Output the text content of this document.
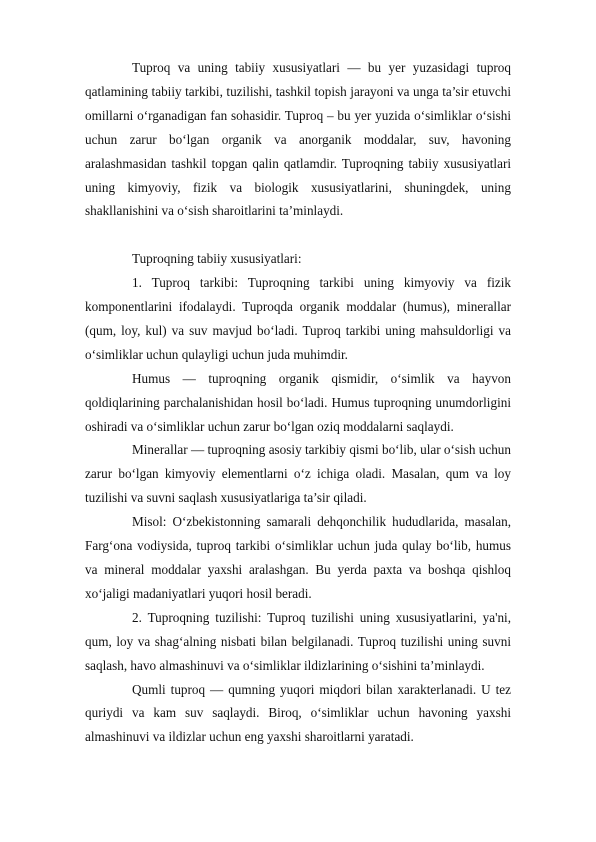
Tuproq va uning tabiiy xususiyatlari — bu yer yuzasidagi tuproq qatlamining tabiiy tarkibi, tuzilishi, tashkil topish jarayoni va unga ta’sir etuvchi omillarni o‘rganadigan fan sohasidir. Tuproq – bu yer yuzida o‘simliklar o‘sishi uchun zarur bo‘lgan organik va anorganik moddalar, suv, havoning aralashmasidan tashkil topgan qalin qatlamdir. Tuproqning tabiiy xususiyatlari uning kimyoviy, fizik va biologik xususiyatlarini, shuningdek, uning shakllanishini va o‘sish sharoitlarini ta’minlaydi.

Tuproqning tabiiy xususiyatlari:

1. Tuproq tarkibi: Tuproqning tarkibi uning kimyoviy va fizik komponentlarini ifodalaydi. Tuproqda organik moddalar (humus), minerallar (qum, loy, kul) va suv mavjud bo‘ladi. Tuproq tarkibi uning mahsuldorligi va o‘simliklar uchun qulayligi uchun juda muhimdir.

Humus — tuproqning organik qismidir, o‘simlik va hayvon qoldiqlarining parchalanishidan hosil bo‘ladi. Humus tuproqning unumdorligini oshiradi va o‘simliklar uchun zarur bo‘lgan oziq moddalarni saqlaydi.

Minerallar — tuproqning asosiy tarkibiy qismi bo‘lib, ular o‘sish uchun zarur bo‘lgan kimyoviy elementlarni o‘z ichiga oladi. Masalan, qum va loy tuzilishi va suvni saqlash xususiyatlariga ta’sir qiladi.

Misol: O‘zbekistonning samarali dehqonchilik hududlarida, masalan, Farg‘ona vodiysida, tuproq tarkibi o‘simliklar uchun juda qulay bo‘lib, humus va mineral moddalar yaxshi aralashgan. Bu yerda paxta va boshqa qishloq xo‘jaligi madaniyatlari yuqori hosil beradi.

2. Tuproqning tuzilishi: Tuproq tuzilishi uning xususiyatlarini, ya'ni, qum, loy va shag‘alning nisbati bilan belgilanadi. Tuproq tuzilishi uning suvni saqlash, havo almashinuvi va o‘simliklar ildizlarining o‘sishini ta’minlaydi.

Qumli tuproq — qumning yuqori miqdori bilan xarakterlanadi. U tez quriydi va kam suv saqlaydi. Biroq, o‘simliklar uchun havoning yaxshi almashinuvi va ildizlar uchun eng yaxshi sharoitlarni yaratadi.
